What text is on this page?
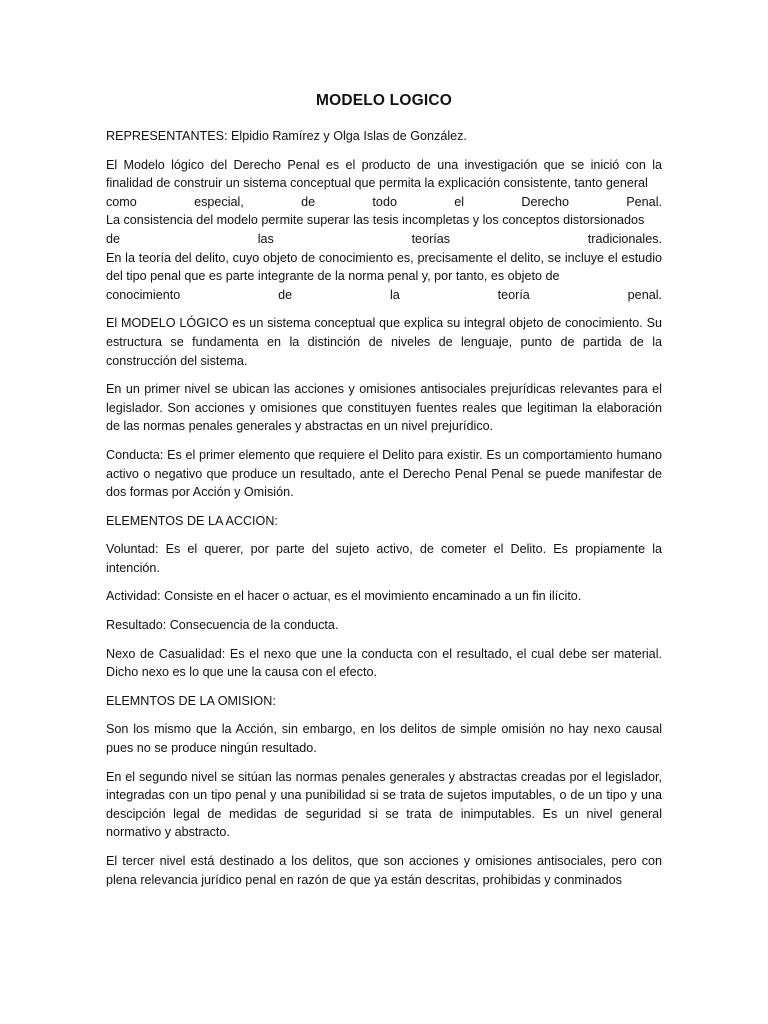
MODELO LOGICO

REPRESENTANTES: Elpidio Ramírez y Olga Islas de González.

El Modelo lógico del Derecho Penal es el producto de una investigación que se inició con la finalidad de construir un sistema conceptual que permita la explicación consistente, tanto general
como especial, de todo el Derecho Penal.
La consistencia del modelo permite superar las tesis incompletas y los conceptos distorsionados
de las teorías tradicionales.
En la teoría del delito, cuyo objeto de conocimiento es, precisamente el delito, se incluye el estudio del tipo penal que es parte integrante de la norma penal y, por tanto, es objeto de
conocimiento de la teoría penal.

El MODELO LÓGICO es un sistema conceptual que explica su integral objeto de conocimiento. Su estructura se fundamenta en la distinción de niveles de lenguaje, punto de partida de la construcción del sistema.

En un primer nivel se ubican las acciones y omisiones antisociales prejurídicas relevantes para el legislador. Son acciones y omisiones que constituyen fuentes reales que legitiman la elaboración de las normas penales generales y abstractas en un nivel prejurídico.

Conducta: Es el primer elemento que requiere el Delito para existir. Es un comportamiento humano activo o negativo que produce un resultado, ante el Derecho Penal Penal se puede manifestar de dos formas por Acción y Omisión.

ELEMENTOS DE LA ACCION:

Voluntad: Es el querer, por parte del sujeto activo, de cometer el Delito. Es propiamente la intención.

Actividad: Consiste en el hacer o actuar, es el movimiento encaminado a un fin ilícito.

Resultado: Consecuencia de la conducta.

Nexo de Casualidad: Es el nexo que une la conducta con el resultado, el cual debe ser material. Dicho nexo es lo que une la causa con el efecto.

ELEMNTOS DE LA OMISION:

Son los mismo que la Acción, sin embargo, en los delitos de simple omisión no hay nexo causal pues no se produce ningún resultado.

En el segundo nivel se sitúan las normas penales generales y abstractas creadas por el legislador, integradas con un tipo penal y una punibilidad si se trata de sujetos imputables, o de un tipo y una descipción legal de medidas de seguridad si se trata de inimputables. Es un nivel general normativo y abstracto.

El tercer nivel está destinado a los delitos, que son acciones y omisiones antisociales, pero con plena relevancia jurídico penal en razón de que ya están descritas, prohibidas y conminados
